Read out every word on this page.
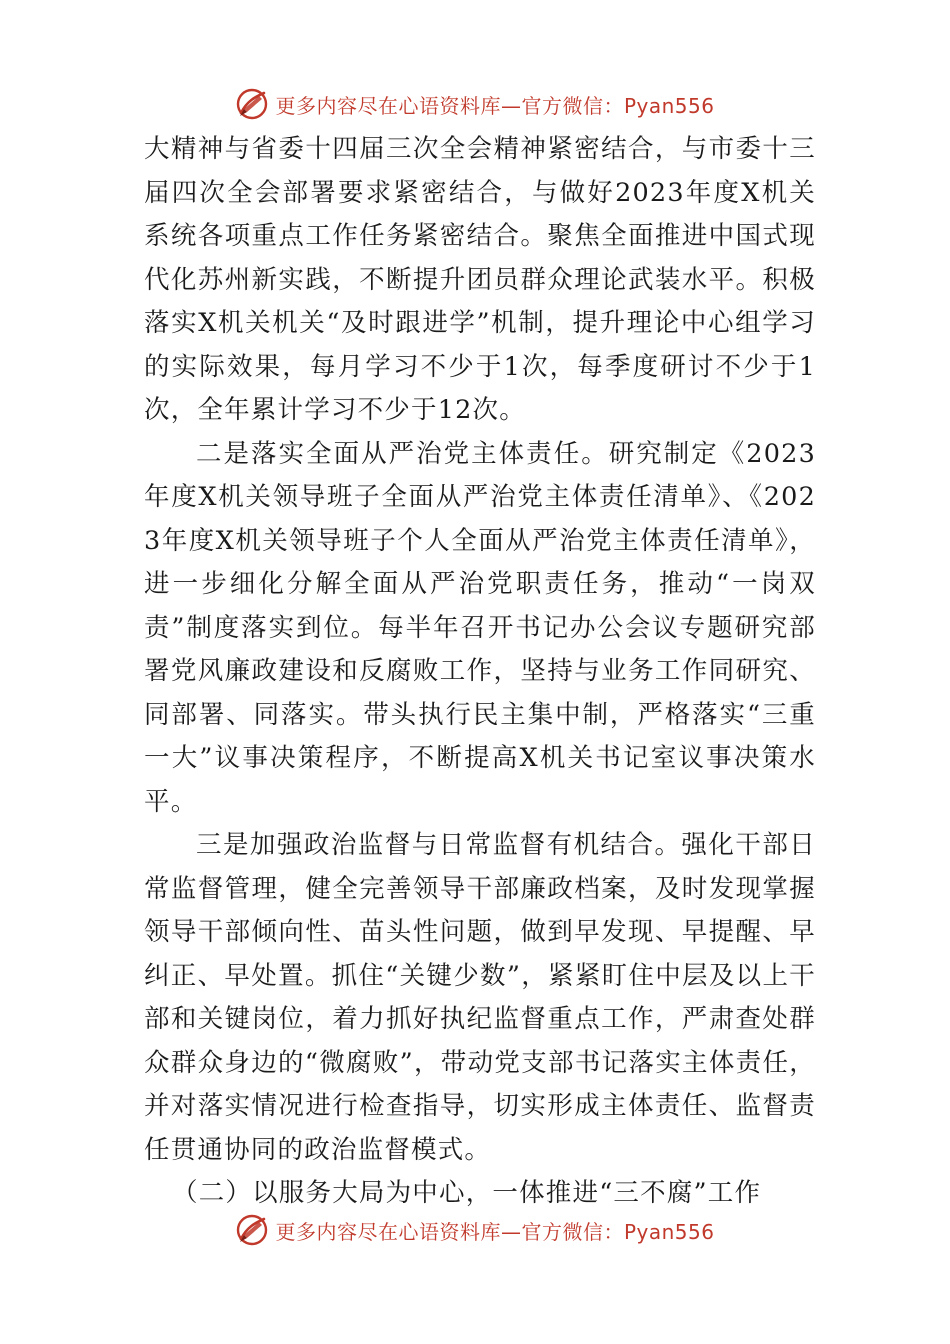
更多内容尽在心语资料库—官方微信：Pyan556

大精神与省委十四届三次全会精神紧密结合，与市委十三届四次全会部署要求紧密结合，与做好2023年度X机关系统各项重点工作任务紧密结合。聚焦全面推进中国式现代化苏州新实践，不断提升团员群众理论武装水平。积极落实X机关机关“及时跟进学”机制，提升理论中心组学习的实际效果，每月学习不少于1次，每季度研讨不少于1次，全年累计学习不少于12次。

二是落实全面从严治党主体责任。研究制定《2023年度X机关领导班子全面从严治党主体责任清单》、《2023年度X机关领导班子个人全面从严治党主体责任清单》，进一步细化分解全面从严治党职责任务，推动“一岗双责”制度落实到位。每半年召开书记办公会议专题研究部署党风廉政建设和反腐败工作，坚持与业务工作同研究、同部署、同落实。带头执行民主集中制，严格落实“三重一大”议事决策程序，不断提高X机关书记室议事决策水平。

三是加强政治监督与日常监督有机结合。强化干部日常监督管理，健全完善领导干部廉政档案，及时发现掌握领导干部倾向性、苗头性问题，做到早发现、早提醒、早纠正、早处置。抓住“关键少数”，紧紧盯住中层及以上干部和关键岗位，着力抓好执纪监督重点工作，严肃查处群众群众身边的“微腐败”，带动党支部书记落实主体责任，并对落实情况进行检查指导，切实形成主体责任、监督责任贯通协同的政治监督模式。

（二）以服务大局为中心，一体推进“三不腐”工作

更多内容尽在心语资料库—官方微信：Pyan556
